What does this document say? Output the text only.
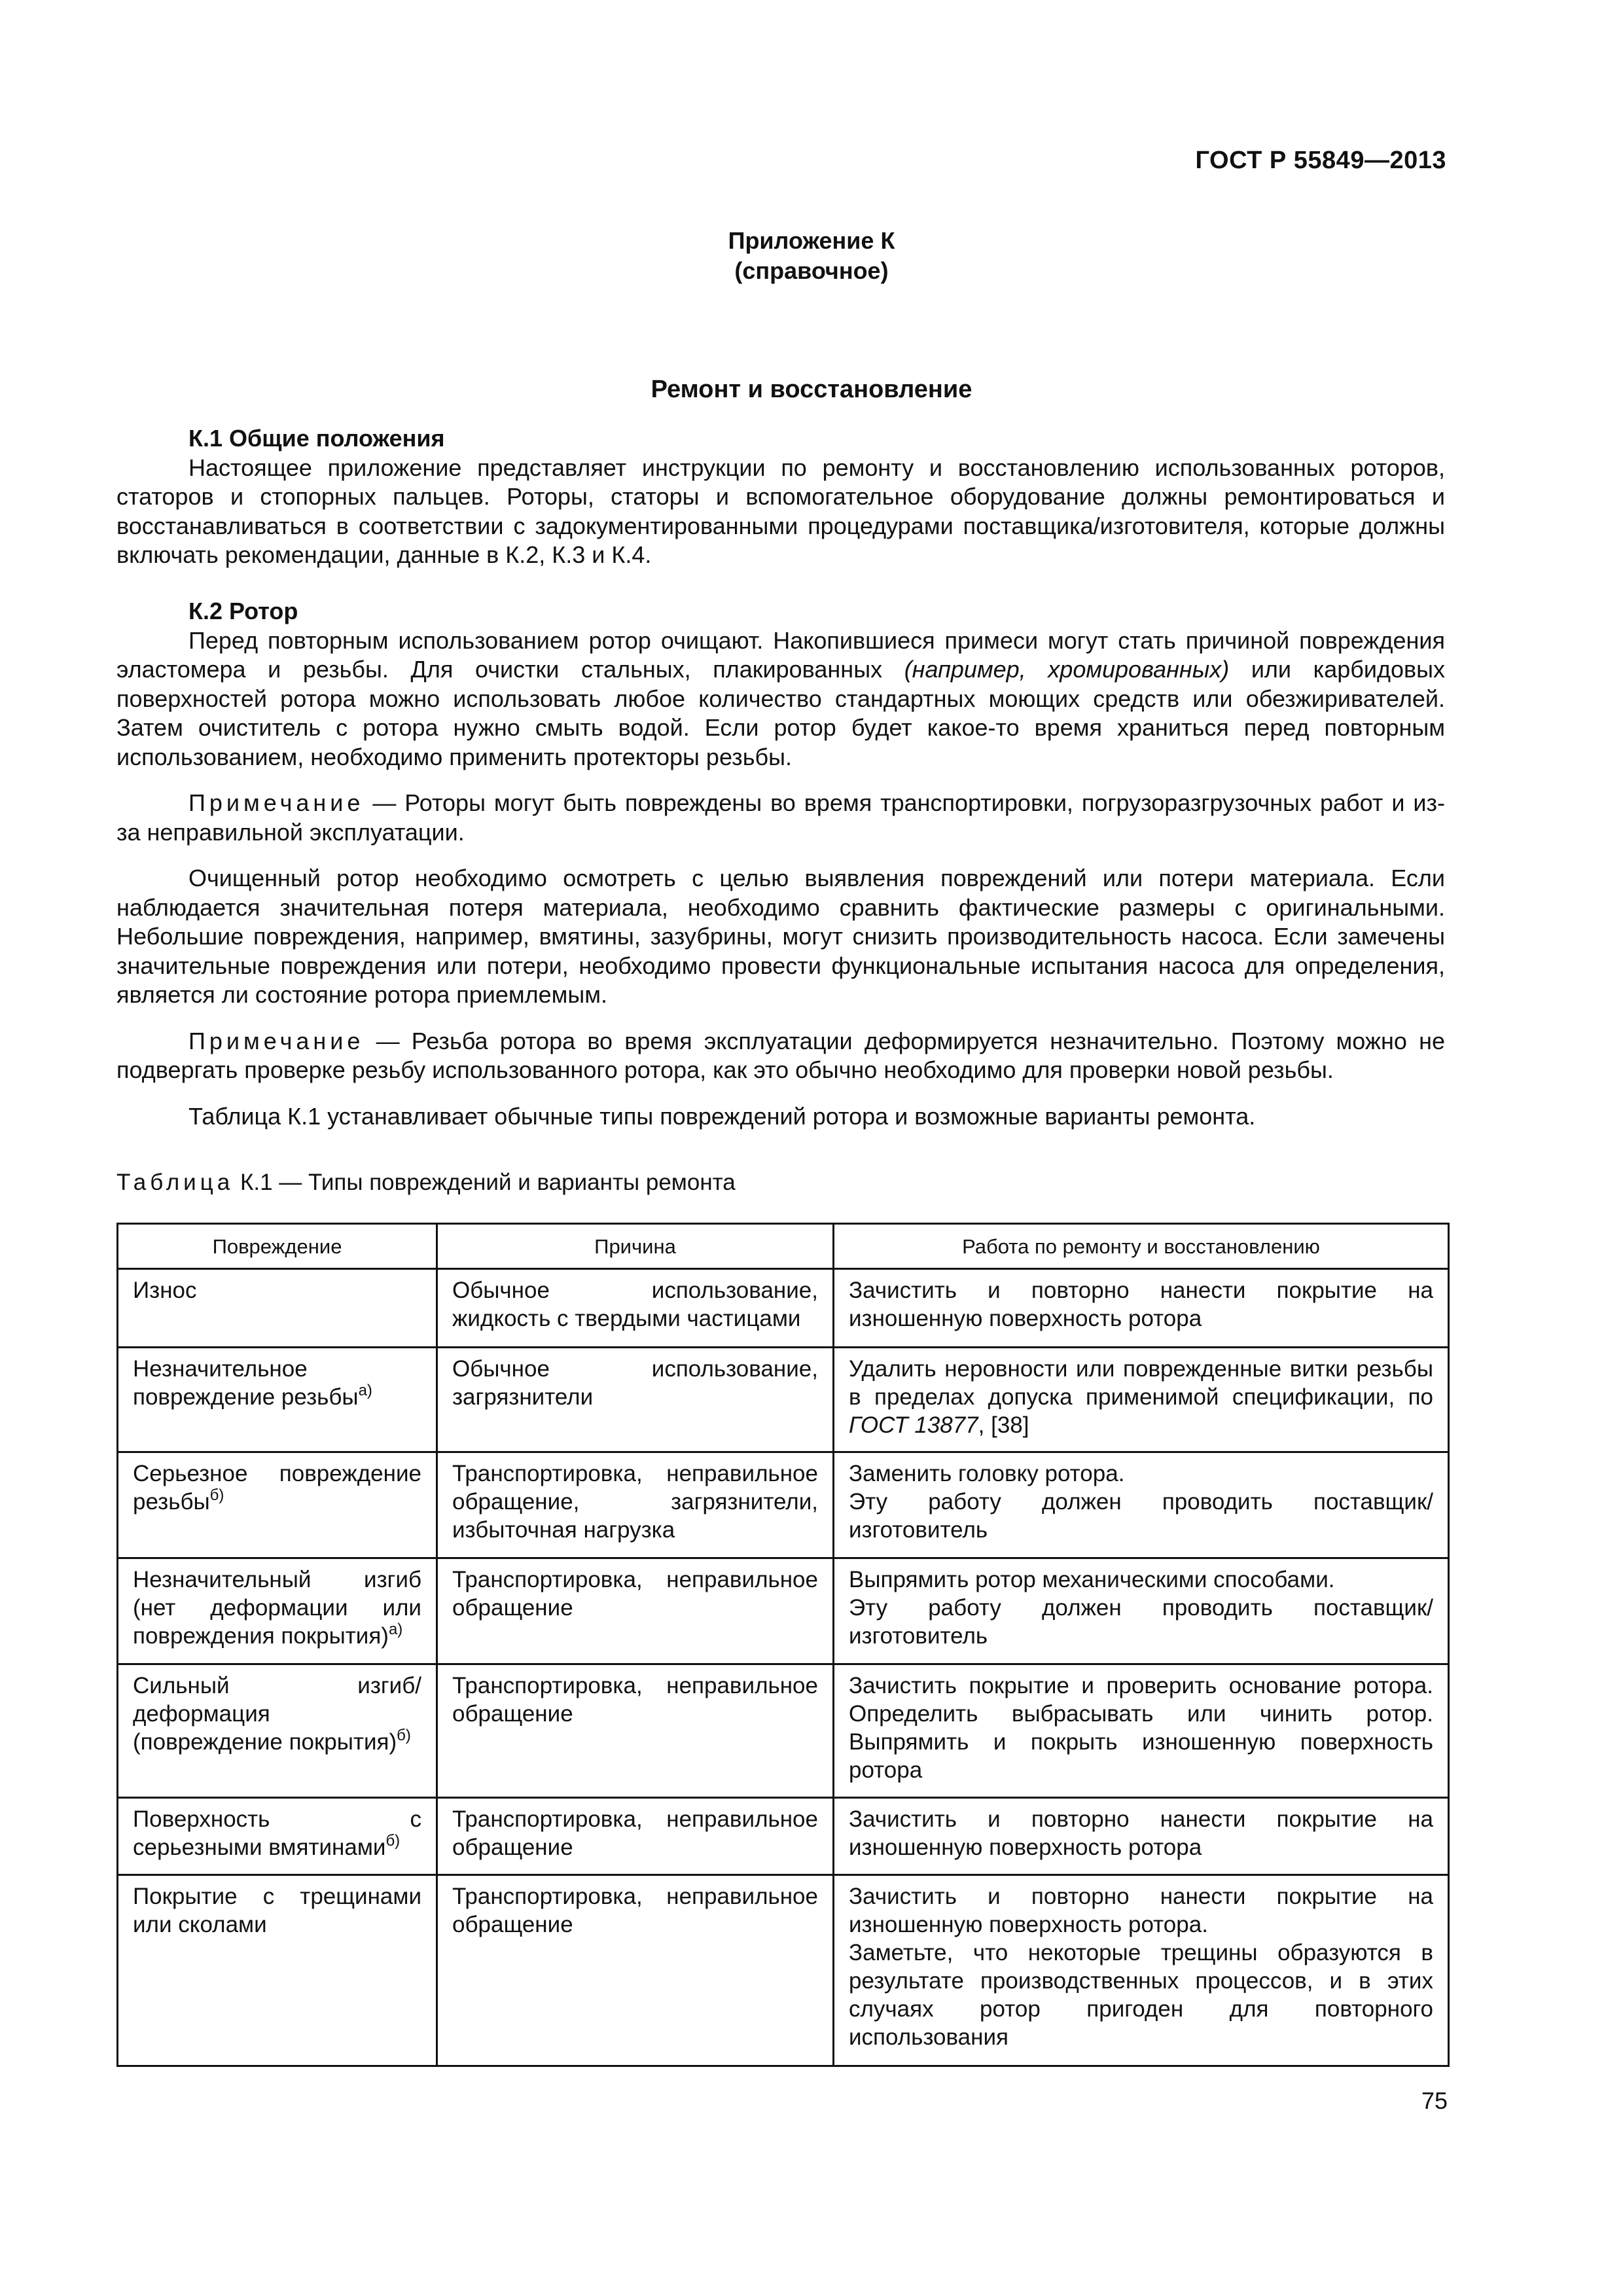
ГОСТ Р 55849—2013
Приложение К
(справочное)
Ремонт и восстановление
К.1 Общие положения

Настоящее приложение представляет инструкции по ремонту и восстановлению использованных роторов, статоров и стопорных пальцев. Роторы, статоры и вспомогательное оборудование должны ремонтироваться и восстанавливаться в соответствии с задокументированными процедурами поставщика/изготовителя, которые должны включать рекомендации, данные в К.2, К.3 и К.4.

К.2 Ротор

Перед повторным использованием ротор очищают. Накопившиеся примеси могут стать причиной повреждения эластомера и резьбы. Для очистки стальных, плакированных (например, хромированных) или карбидовых поверхностей ротора можно использовать любое количество стандартных моющих средств или обезжиривателей. Затем очиститель с ротора нужно смыть водой. Если ротор будет какое-то время храниться перед повторным использованием, необходимо применить протекторы резьбы.

Примечание — Роторы могут быть повреждены во время транспортировки, погрузоразгрузочных работ и из-за неправильной эксплуатации.

Очищенный ротор необходимо осмотреть с целью выявления повреждений или потери материала. Если наблюдается значительная потеря материала, необходимо сравнить фактические размеры с оригинальными. Небольшие повреждения, например, вмятины, зазубрины, могут снизить производительность насоса. Если замечены значительные повреждения или потери, необходимо провести функциональные испытания насоса для определения, является ли состояние ротора приемлемым.

Примечание — Резьба ротора во время эксплуатации деформируется незначительно. Поэтому можно не подвергать проверке резьбу использованного ротора, как это обычно необходимо для проверки новой резьбы.

Таблица К.1 устанавливает обычные типы повреждений ротора и возможные варианты ремонта.

Таблица К.1 — Типы повреждений и варианты ремонта
Повреждение	Причина	Работа по ремонту и восстановлению
Износ	Обычное использование, жидкость с твердыми частицами	Зачистить и повторно нанести покрытие на изношенную поверхность ротора

Незначительное повреждение резьбы$^{а)}$	Обычное использование, загрязнители	Удалить неровности или поврежденные витки резьбы в пределах допуска применимой спецификации, по ГОСТ 13877, [38]

Серьезное повреждение резьбы$^{б)}$	Транспортировка, неправильное обращение, загрязнители, избыточная нагрузка	Заменить головку ротора.
Эту работу должен проводить поставщик/изготовитель

Незначительный изгиб (нет деформации или повреждения покрытия)$^{а)}$	Транспортировка, неправильное обращение	Выпрямить ротор механическими способами.
Эту работу должен проводить поставщик/изготовитель

Сильный изгиб/деформация (повреждение покрытия)$^{б)}$	Транспортировка, неправильное обращение	Зачистить покрытие и проверить основание ротора. Определить выбрасывать или чинить ротор. Выпрямить и покрыть изношенную поверхность ротора

Поверхность с серьезными вмятинами$^{б)}$	Транспортировка, неправильное обращение	Зачистить и повторно нанести покрытие на изношенную поверхность ротора

Покрытие с трещинами или сколами	Транспортировка, неправильное обращение	Зачистить и повторно нанести покрытие на изношенную поверхность ротора.
Заметьте, что некоторые трещины образуются в результате производственных процессов, и в этих случаях ротор пригоден для повторного использования
75
